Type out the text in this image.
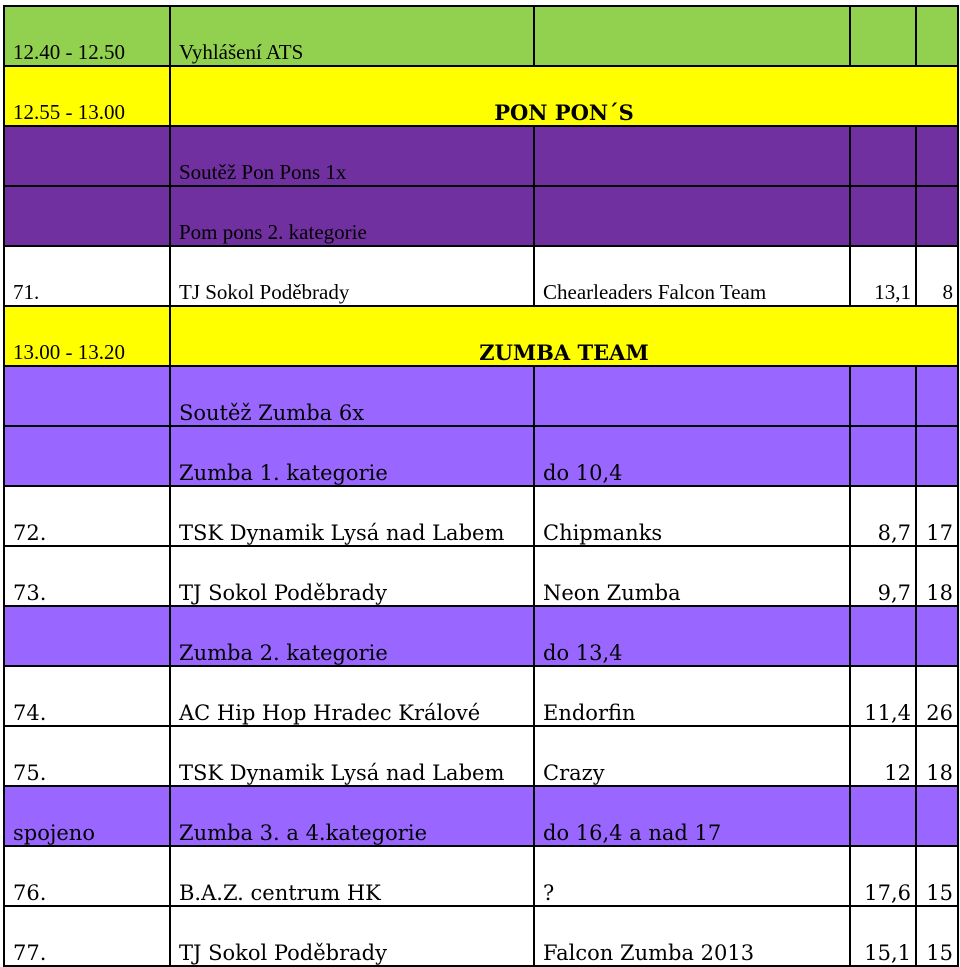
12.40 - 12.50	Vyhlášení ATS			
12.55 - 13.00	PON PON´S			
	Soutěž Pon Pons 1x			
	Pom pons 2. kategorie			
71.	TJ Sokol Poděbrady	Chearleaders Falcon Team	13,1	8
13.00 - 13.20	ZUMBA TEAM			
	Soutěž Zumba 6x			
	Zumba 1. kategorie	do 10,4		
72.	TSK Dynamik Lysá nad Labem	Chipmanks	8,7	17
73.	TJ Sokol Poděbrady	Neon Zumba	9,7	18
	Zumba 2. kategorie	do 13,4		
74.	AC Hip Hop Hradec Králové	Endorfin	11,4	26
75.	TSK Dynamik Lysá nad Labem	Crazy	12	18
spojeno	Zumba 3. a 4.kategorie	do 16,4 a nad 17		
76.	B.A.Z. centrum HK	?	17,6	15
77.	TJ Sokol Poděbrady	Falcon Zumba 2013	15,1	15
